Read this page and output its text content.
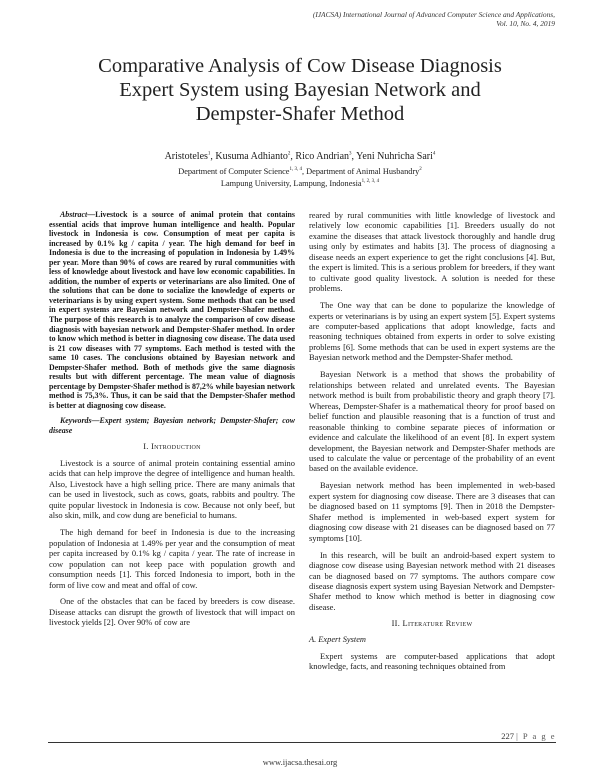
(IJACSA) International Journal of Advanced Computer Science and Applications,
Vol. 10, No. 4, 2019
Comparative Analysis of Cow Disease Diagnosis
Expert System using Bayesian Network and
Dempster-Shafer Method
Aristoteles$^1$, Kusuma Adhianto$^2$, Rico Andrian$^3$, Yeni Nuhricha Sari$^4$
Department of Computer Science$^{1, 3, 4}$, Department of Animal Husbandry$^2$
Lampung University, Lampung, Indonesia$^{1, 2, 3, 4}$

Abstract—Livestock is a source of animal protein that contains essential acids that improve human intelligence and health. Popular livestock in Indonesia is cow. Consumption of meat per capita is increased by 0.1% kg / capita / year. The high demand for beef in Indonesia is due to the increasing of population in Indonesia by 1.49% per year. More than 90% of cows are reared by rural communities with less of knowledge about livestock and have low economic capabilities. In addition, the number of experts or veterinarians are also limited. One of the solutions that can be done to socialize the knowledge of experts or veterinarians is by using expert system. Some methods that can be used in expert systems are Bayesian network and Dempster-Shafer method. The purpose of this research is to analyze the comparison of cow disease diagnosis with bayesian network and Dempster-Shafer method. In order to know which method is better in diagnosing cow disease. The data used is 21 cow diseases with 77 symptoms. Each method is tested with the same 10 cases. The conclusions obtained by Bayesian network and Dempster-Shafer method. Both of methods give the same diagnosis results but with different percentage. The mean value of diagnosis percentage by Dempster-Shafer method is 87,2% while bayesian network method is 75,3%. Thus, it can be said that the Dempster-Shafer method is better at diagnosing cow disease.

Keywords—Expert system; Bayesian network; Dempster-Shafer; cow disease

I. Introduction

Livestock is a source of animal protein containing essential amino acids that can help improve the degree of intelligence and human health. Also, Livestock have a high selling price. There are many animals that can be used in livestock, such as cows, goats, rabbits and poultry. The quite popular livestock in Indonesia is cow. Because not only beef, but also skin, milk, and cow dung are beneficial to humans.

The high demand for beef in Indonesia is due to the increasing population of Indonesia at 1.49% per year and the consumption of meat per capita increased by 0.1% kg / capita / year. The rate of increase in cow population can not keep pace with population growth and consumption needs [1]. This forced Indonesia to import, both in the form of live cow and meat and offal of cow.

One of the obstacles that can be faced by breeders is cow disease. Disease attacks can disrupt the growth of livestock that will impact on livestock yields [2]. Over 90% of cow are

reared by rural communities with little knowledge of livestock and relatively low economic capabilities [1]. Breeders usually do not examine the diseases that attack livestock thoroughly and handle drug using only by estimates and habits [3]. The process of diagnosing a disease needs an expert experience to get the right conclusions [4]. But, the expert is limited. This is a serious problem for breeders, if they want to cultivate good quality livestock. A solution is needed for these problems.

The One way that can be done to popularize the knowledge of experts or veterinarians is by using an expert system [5]. Expert systems are computer-based applications that adopt knowledge, facts and reasoning techniques obtained from experts in order to solve existing problems [6]. Some methods that can be used in expert systems are the Bayesian network method and the Dempster-Shafer method.

Bayesian Network is a method that shows the probability of relationships between related and unrelated events. The Bayesian network method is built from probabilistic theory and graph theory [7]. Whereas, Dempster-Shafer is a mathematical theory for proof based on belief function and plausible reasoning that is a function of trust and reasonable thinking to combine separate pieces of information or evidence and calculate the likelihood of an event [8]. In expert system development, the Bayesian network and Dempster-Shafer methods are used to calculate the value or percentage of the probability of an event based on the available evidence.

Bayesian network method has been implemented in web-based expert system for diagnosing cow disease. There are 3 diseases that can be diagnosed based on 11 symptoms [9]. Then in 2018 the Dempster-Shafer method is implemented in web-based expert system for diagnosing cow disease with 21 diseases can be diagnosed based on 77 symptoms [10].

In this research, will be built an android-based expert system to diagnose cow disease using Bayesian network method with 21 diseases can be diagnosed based on 77 symptoms. The authors compare cow disease diagnosis expert system using Bayesian Network and Dempster-Shafer method to know which method is better in diagnosing cow disease.

II. Literature Review
A. Expert System

Expert systems are computer-based applications that adopt knowledge, facts, and reasoning techniques obtained from

227 | P a g e
www.ijacsa.thesai.org
